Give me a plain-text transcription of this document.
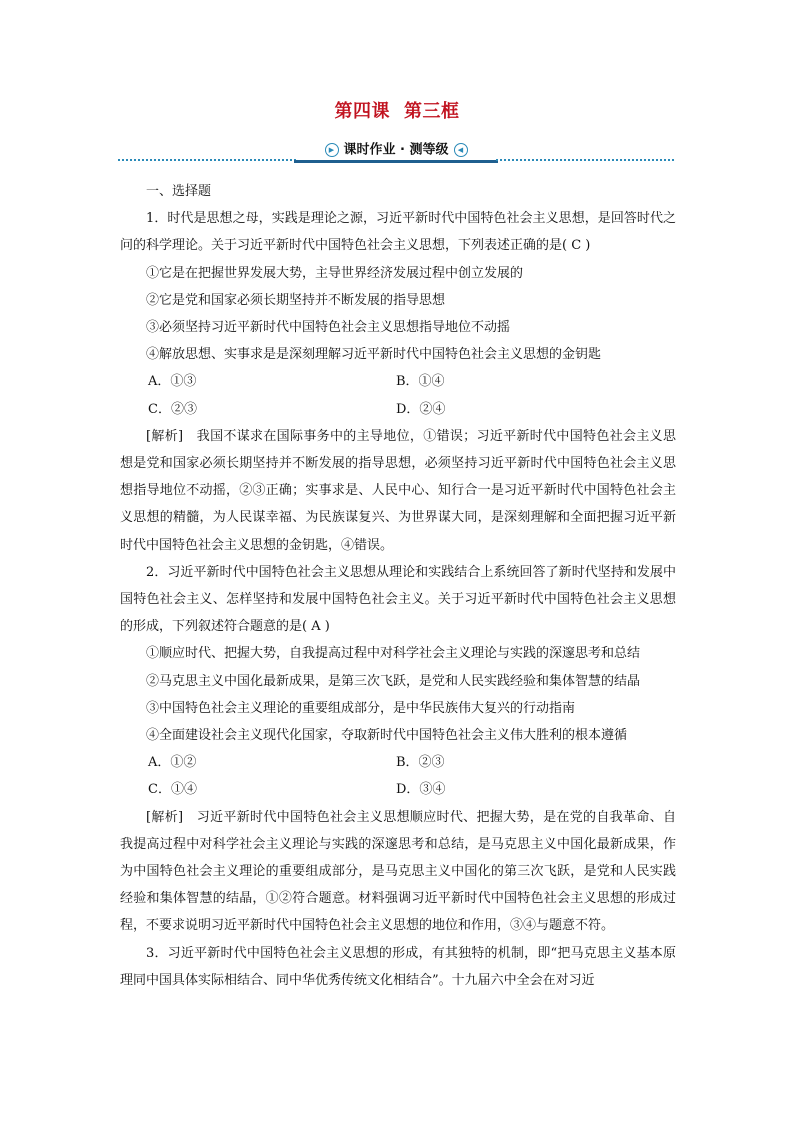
第四课 第三框
▶ 课时作业 · 测等级 ◀

一、选择题

1．时代是思想之母，实践是理论之源，习近平新时代中国特色社会主义思想，是回答时代之问的科学理论。关于习近平新时代中国特色社会主义思想，下列表述正确的是( C )

①它是在把握世界发展大势，主导世界经济发展过程中创立发展的

②它是党和国家必须长期坚持并不断发展的指导思想

③必须坚持习近平新时代中国特色社会主义思想指导地位不动摇

④解放思想、实事求是是深刻理解习近平新时代中国特色社会主义思想的金钥匙

A．①③	B．①④
C．②③	D．②④

[解析]　我国不谋求在国际事务中的主导地位，①错误；习近平新时代中国特色社会主义思想是党和国家必须长期坚持并不断发展的指导思想，必须坚持习近平新时代中国特色社会主义思想指导地位不动摇，②③正确；实事求是、人民中心、知行合一是习近平新时代中国特色社会主义思想的精髓，为人民谋幸福、为民族谋复兴、为世界谋大同，是深刻理解和全面把握习近平新时代中国特色社会主义思想的金钥匙，④错误。

2．习近平新时代中国特色社会主义思想从理论和实践结合上系统回答了新时代坚持和发展中国特色社会主义、怎样坚持和发展中国特色社会主义。关于习近平新时代中国特色社会主义思想的形成，下列叙述符合题意的是( A )

①顺应时代、把握大势，自我提高过程中对科学社会主义理论与实践的深邃思考和总结

②马克思主义中国化最新成果，是第三次飞跃，是党和人民实践经验和集体智慧的结晶

③中国特色社会主义理论的重要组成部分，是中华民族伟大复兴的行动指南

④全面建设社会主义现代化国家，夺取新时代中国特色社会主义伟大胜利的根本遵循

A．①②	B．②③
C．①④	D．③④

[解析]　习近平新时代中国特色社会主义思想顺应时代、把握大势，是在党的自我革命、自我提高过程中对科学社会主义理论与实践的深邃思考和总结，是马克思主义中国化最新成果，作为中国特色社会主义理论的重要组成部分，是马克思主义中国化的第三次飞跃，是党和人民实践经验和集体智慧的结晶，①②符合题意。材料强调习近平新时代中国特色社会主义思想的形成过程，不要求说明习近平新时代中国特色社会主义思想的地位和作用，③④与题意不符。

3．习近平新时代中国特色社会主义思想的形成，有其独特的机制，即“把马克思主义基本原理同中国具体实际相结合、同中华优秀传统文化相结合”。十九届六中全会在对习近
